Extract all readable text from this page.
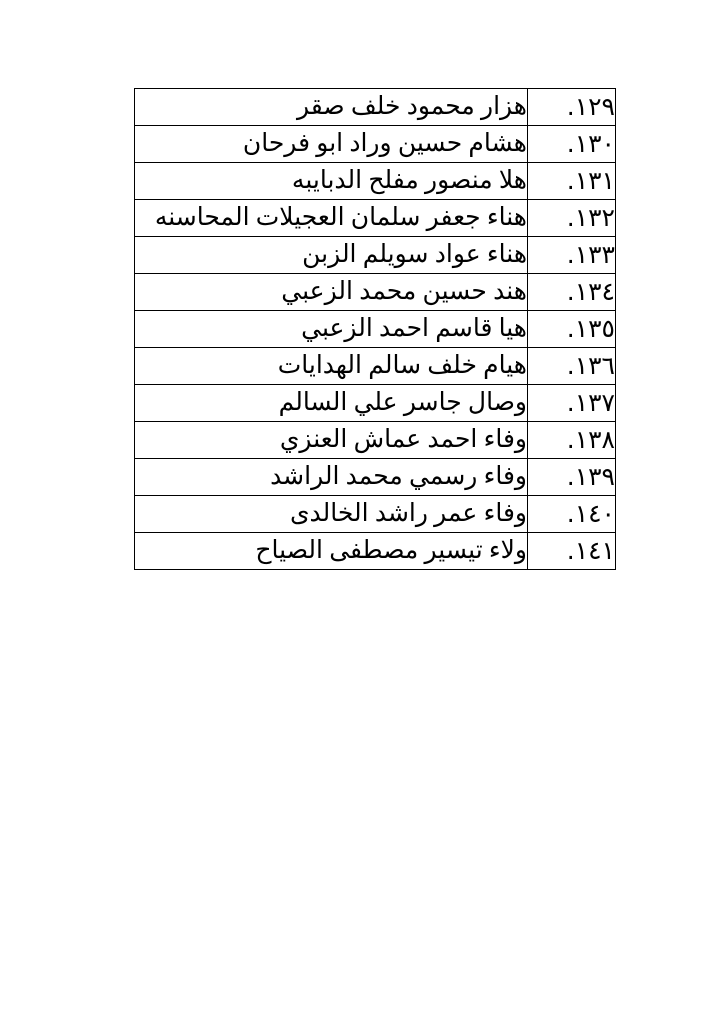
١٢٩.	هزار محمود خلف صقر
١٣٠.	هشام حسين وراد ابو فرحان
١٣١.	هلا منصور مفلح الدبايبه
١٣٢.	هناء جعفر سلمان العجيلات المحاسنه
١٣٣.	هناء عواد سويلم الزبن
١٣٤.	هند حسين محمد الزعبي
١٣٥.	هيا قاسم احمد الزعبي
١٣٦.	هيام خلف سالم الهدايات
١٣٧.	وصال جاسر علي السالم
١٣٨.	وفاء احمد عماش العنزي
١٣٩.	وفاء رسمي محمد الراشد
١٤٠.	وفاء عمر راشد الخالدى
١٤١.	ولاء تيسير مصطفى الصياح
